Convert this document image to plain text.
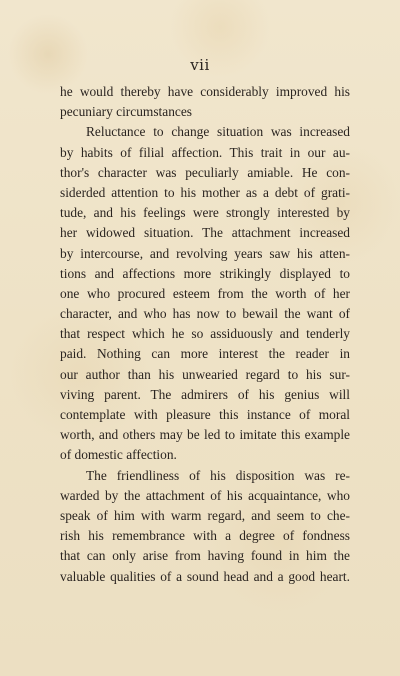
vii
he would thereby have considerably improved his
pecuniary circumstances
Reluctance to change situation was increased
by habits of filial affection. This trait in our au-
thor's character was peculiarly amiable. He con-
siderded attention to his mother as a debt of grati-
tude, and his feelings were strongly interested by
her widowed situation. The attachment increased
by intercourse, and revolving years saw his atten-
tions and affections more strikingly displayed to
one who procured esteem from the worth of her
character, and who has now to bewail the want of
that respect which he so assiduously and tenderly
paid. Nothing can more interest the reader in
our author than his unwearied regard to his sur-
viving parent. The admirers of his genius will
contemplate with pleasure this instance of moral
worth, and others may be led to imitate this example
of domestic affection.
The friendliness of his disposition was re-
warded by the attachment of his acquaintance, who
speak of him with warm regard, and seem to che-
rish his remembrance with a degree of fondness
that can only arise from having found in him the
valuable qualities of a sound head and a good heart.
